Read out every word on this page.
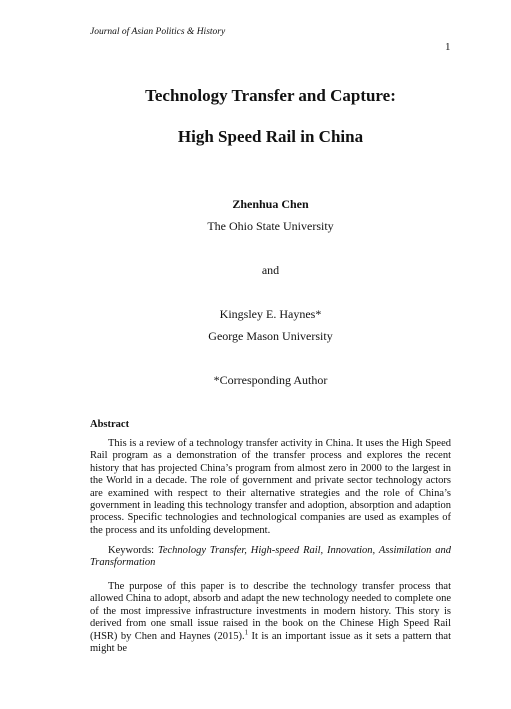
Journal of Asian Politics & History
1
Technology Transfer and Capture:
High Speed Rail in China
Zhenhua Chen
The Ohio State University
and
Kingsley E. Haynes*
George Mason University
*Corresponding Author
Abstract

This is a review of a technology transfer activity in China. It uses the High Speed Rail program as a demonstration of the transfer process and explores the recent history that has projected China’s program from almost zero in 2000 to the largest in the World in a decade. The role of government and private sector technology actors are examined with respect to their alternative strategies and the role of China’s government in leading this technology transfer and adoption, absorption and adaption process. Specific technologies and technological companies are used as examples of the process and its unfolding development.

Keywords: Technology Transfer, High-speed Rail, Innovation, Assimilation and Transformation

The purpose of this paper is to describe the technology transfer process that allowed China to adopt, absorb and adapt the new technology needed to complete one of the most impressive infrastructure investments in modern history. This story is derived from one small issue raised in the book on the Chinese High Speed Rail (HSR) by Chen and Haynes (2015).$^1$ It is an important issue as it sets a pattern that might be
